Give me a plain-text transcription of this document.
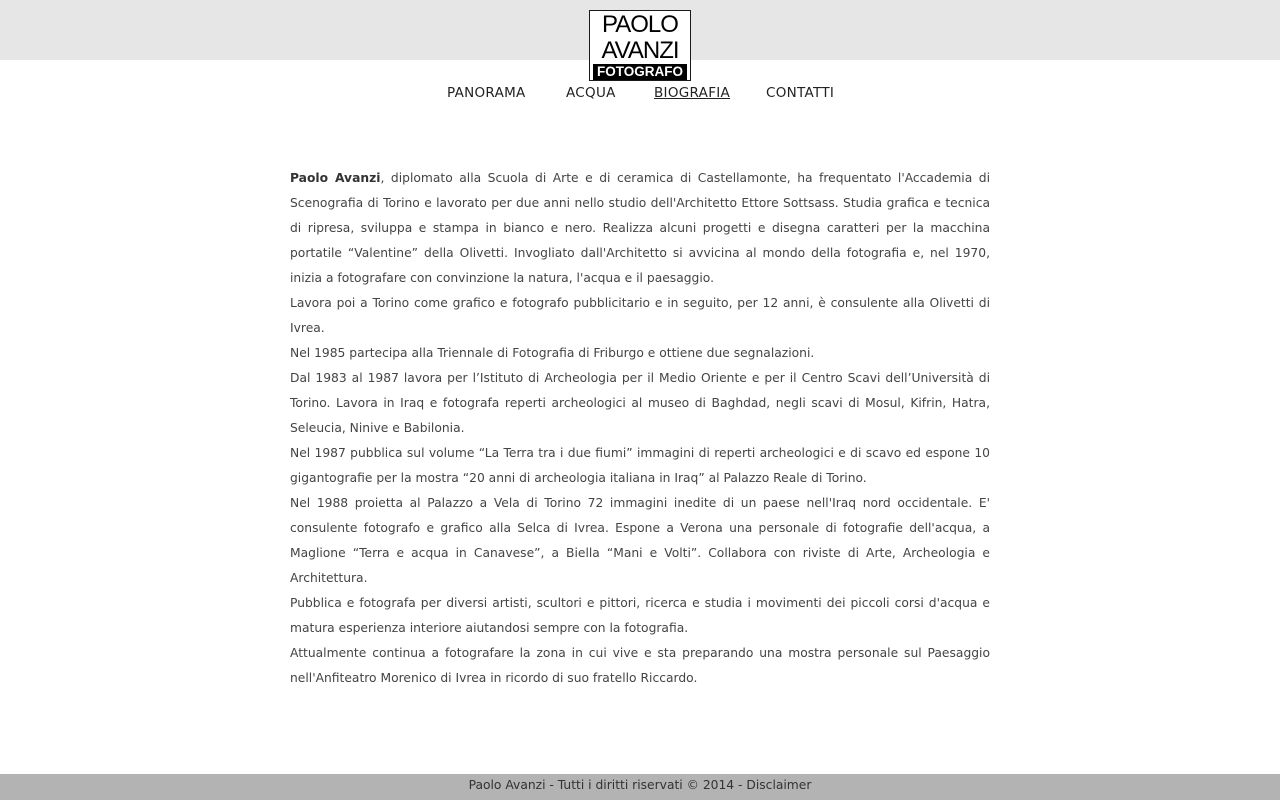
PAOLO
AVANZI
FOTOGRAFO
PANORAMA	ACQUA	BIOGRAFIA	CONTATTI

Paolo Avanzi, diplomato alla Scuola di Arte e di ceramica di Castellamonte, ha frequentato l'Accademia di Scenografia di Torino e lavorato per due anni nello studio dell'Architetto Ettore Sottsass. Studia grafica e tecnica di ripresa, sviluppa e stampa in bianco e nero. Realizza alcuni progetti e disegna caratteri per la macchina portatile “Valentine” della Olivetti. Invogliato dall'Architetto si avvicina al mondo della fotografia e, nel 1970, inizia a fotografare con convinzione la natura, l'acqua e il paesaggio.

Lavora poi a Torino come grafico e fotografo pubblicitario e in seguito, per 12 anni, è consulente alla Olivetti di Ivrea.

Nel 1985 partecipa alla Triennale di Fotografia di Friburgo e ottiene due segnalazioni.

Dal 1983 al 1987 lavora per l’Istituto di Archeologia per il Medio Oriente e per il Centro Scavi dell’Università di Torino. Lavora in Iraq e fotografa reperti archeologici al museo di Baghdad, negli scavi di Mosul, Kifrin, Hatra, Seleucia, Ninive e Babilonia.

Nel 1987 pubblica sul volume “La Terra tra i due fiumi” immagini di reperti archeologici e di scavo ed espone 10 gigantografie per la mostra “20 anni di archeologia italiana in Iraq” al Palazzo Reale di Torino.

Nel 1988 proietta al Palazzo a Vela di Torino 72 immagini inedite di un paese nell'Iraq nord occidentale. E' consulente fotografo e grafico alla Selca di Ivrea. Espone a Verona una personale di fotografie dell'acqua, a Maglione “Terra e acqua in Canavese”, a Biella “Mani e Volti”. Collabora con riviste di Arte, Archeologia e Architettura.

Pubblica e fotografa per diversi artisti, scultori e pittori, ricerca e studia i movimenti dei piccoli corsi d'acqua e matura esperienza interiore aiutandosi sempre con la fotografia.

Attualmente continua a fotografare la zona in cui vive e sta preparando una mostra personale sul Paesaggio nell'Anfiteatro Morenico di Ivrea in ricordo di suo fratello Riccardo.

Paolo Avanzi - Tutti i diritti riservati © 2014 - Disclaimer
